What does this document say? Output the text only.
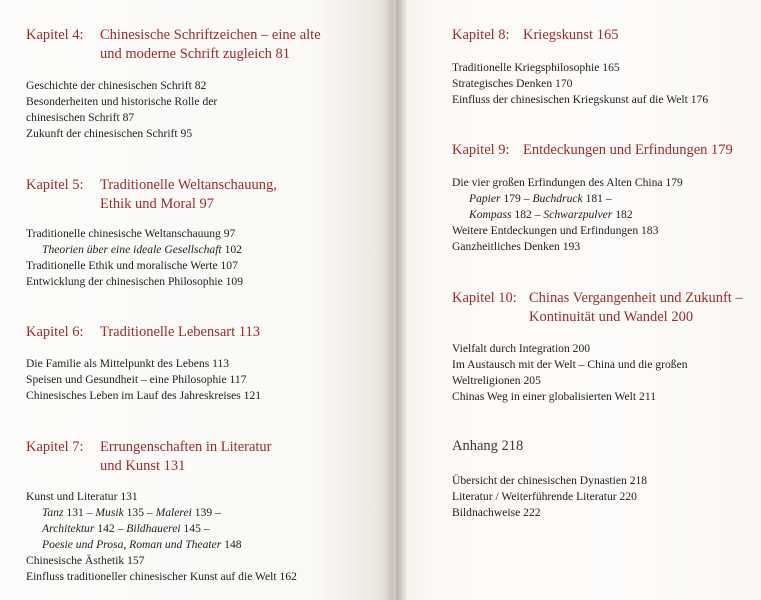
Kapitel 4: Chinesische Schriftzeichen – eine alte
und moderne Schrift zugleich 81
Geschichte der chinesischen Schrift 82
Besonderheiten und historische Rolle der
chinesischen Schrift 87
Zukunft der chinesischen Schrift 95
Kapitel 5: Traditionelle Weltanschauung,
Ethik und Moral 97
Traditionelle chinesische Weltanschauung 97
Theorien über eine ideale Gesellschaft 102
Traditionelle Ethik und moralische Werte 107
Entwicklung der chinesischen Philosophie 109
Kapitel 6: Traditionelle Lebensart 113
Die Familie als Mittelpunkt des Lebens 113
Speisen und Gesundheit – eine Philosophie 117
Chinesisches Leben im Lauf des Jahreskreises 121
Kapitel 7: Errungenschaften in Literatur
und Kunst 131
Kunst und Literatur 131
Tanz 131 – Musik 135 – Malerei 139 –
Architektur 142 – Bildhauerei 145 –
Poesie und Prosa, Roman und Theater 148
Chinesische Ästhetik 157
Einfluss traditioneller chinesischer Kunst auf die Welt 162
Kapitel 8: Kriegskunst 165
Traditionelle Kriegsphilosophie 165
Strategisches Denken 170
Einfluss der chinesischen Kriegskunst auf die Welt 176
Kapitel 9: Entdeckungen und Erfindungen 179
Die vier großen Erfindungen des Alten China 179
Papier 179 – Buchdruck 181 –
Kompass 182 – Schwarzpulver 182
Weitere Entdeckungen und Erfindungen 183
Ganzheitliches Denken 193
Kapitel 10: Chinas Vergangenheit und Zukunft –
Kontinuität und Wandel 200
Vielfalt durch Integration 200
Im Austausch mit der Welt – China und die großen
Weltreligionen 205
Chinas Weg in einer globalisierten Welt 211
Anhang 218
Übersicht der chinesischen Dynastien 218
Literatur / Weiterführende Literatur 220
Bildnachweise 222
